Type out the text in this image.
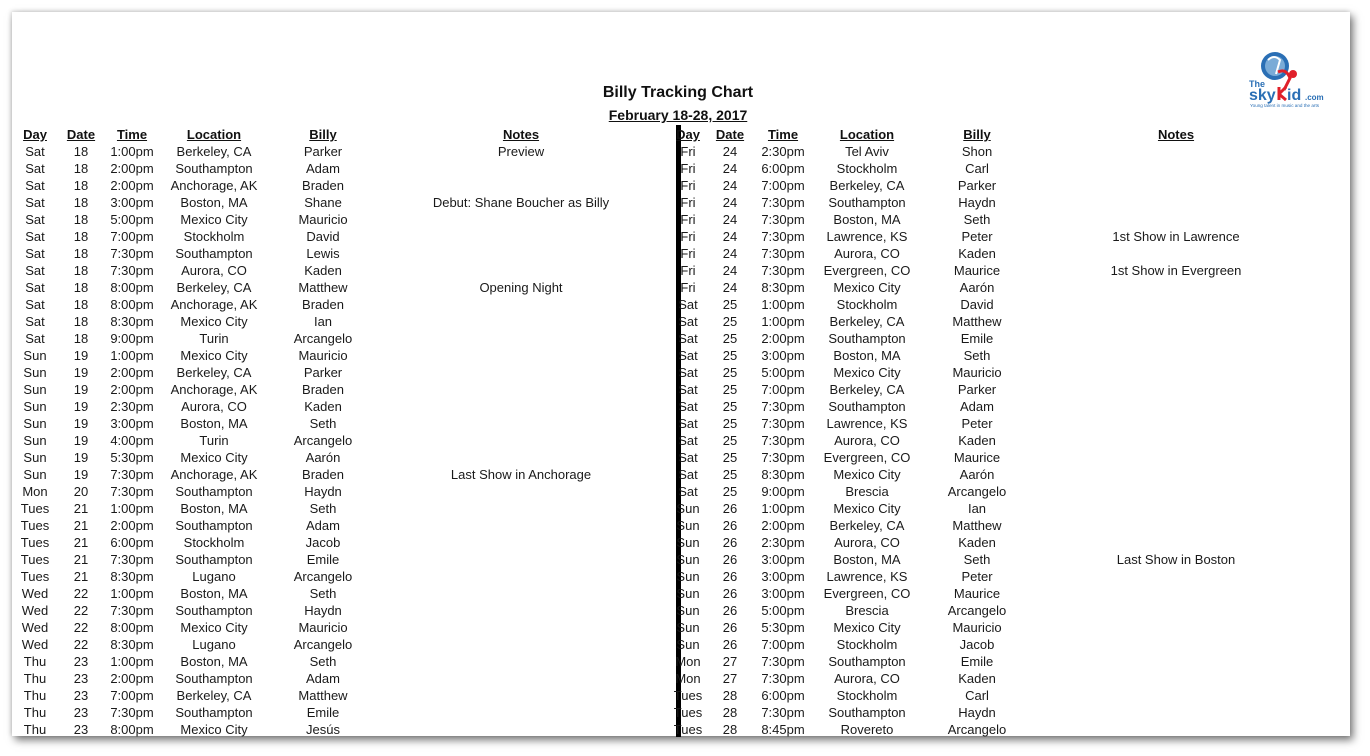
Billy Tracking Chart
February 18-28, 2017
The
sky id .com
Young talent in music and the arts
Day Date Time	Location	Billy	Notes
Sat 18 1:00pm Berkeley, CA	Parker	Preview
Sat 18 2:00pm Southampton	Adam
Sat 18 2:00pm Anchorage, AK	Braden
Sat 18 3:00pm Boston, MA	Shane	Debut: Shane Boucher as Billy
Sat 18 5:00pm Mexico City	Mauricio
Sat 18 7:00pm Stockholm	David
Sat 18 7:30pm Southampton	Lewis
Sat 18 7:30pm Aurora, CO	Kaden
Sat 18 8:00pm Berkeley, CA	Matthew	Opening Night
Sat 18 8:00pm Anchorage, AK	Braden
Sat 18 8:30pm Mexico City	Ian
Sat 18 9:00pm	Turin	Arcangelo
Sun 19 1:00pm Mexico City	Mauricio
Sun 19 2:00pm Berkeley, CA	Parker
Sun 19 2:00pm Anchorage, AK	Braden
Sun 19 2:30pm Aurora, CO	Kaden
Sun 19 3:00pm Boston, MA	Seth
Sun 19 4:00pm	Turin	Arcangelo
Sun 19 5:30pm Mexico City	Aarón
Sun 19 7:30pm Anchorage, AK	Braden	Last Show in Anchorage
Mon 20 7:30pm Southampton	Haydn
Tues 21 1:00pm Boston, MA	Seth
Tues 21 2:00pm Southampton	Adam
Tues 21 6:00pm Stockholm	Jacob
Tues 21 7:30pm Southampton	Emile
Tues 21 8:30pm	Lugano	Arcangelo
Wed 22 1:00pm Boston, MA	Seth
Wed 22 7:30pm Southampton	Haydn
Wed 22 8:00pm Mexico City	Mauricio
Wed 22 8:30pm	Lugano	Arcangelo
Thu 23 1:00pm Boston, MA	Seth
Thu 23 2:00pm Southampton	Adam
Thu 23 7:00pm Berkeley, CA	Matthew
Thu 23 7:30pm Southampton	Emile
Thu 23 8:00pm Mexico City	Jesús
Day Date Time	Location	Billy	Notes
Fri 24 2:30pm	Tel Aviv	Shon
Fri 24 6:00pm Stockholm	Carl
Fri 24 7:00pm Berkeley, CA	Parker
Fri 24 7:30pm Southampton	Haydn
Fri 24 7:30pm Boston, MA	Seth
Fri 24 7:30pm Lawrence, KS	Peter	1st Show in Lawrence
Fri 24 7:30pm Aurora, CO	Kaden
Fri 24 7:30pm Evergreen, CO	Maurice	1st Show in Evergreen
Fri 24 8:30pm Mexico City	Aarón
Sat 25 1:00pm Stockholm	David
Sat 25 1:00pm Berkeley, CA	Matthew
Sat 25 2:00pm Southampton	Emile
Sat 25 3:00pm Boston, MA	Seth
Sat 25 5:00pm Mexico City	Mauricio
Sat 25 7:00pm Berkeley, CA	Parker
Sat 25 7:30pm Southampton	Adam
Sat 25 7:30pm Lawrence, KS	Peter
Sat 25 7:30pm Aurora, CO	Kaden
Sat 25 7:30pm Evergreen, CO	Maurice
Sat 25 8:30pm Mexico City	Aarón
Sat 25 9:00pm	Brescia	Arcangelo
Sun 26 1:00pm Mexico City	Ian
Sun 26 2:00pm Berkeley, CA	Matthew
Sun 26 2:30pm Aurora, CO	Kaden
Sun 26 3:00pm Boston, MA	Seth	Last Show in Boston
Sun 26 3:00pm Lawrence, KS	Peter
Sun 26 3:00pm Evergreen, CO	Maurice
Sun 26 5:00pm	Brescia	Arcangelo
Sun 26 5:30pm Mexico City	Mauricio
Sun 26 7:00pm Stockholm	Jacob
Mon 27 7:30pm Southampton	Emile
Mon 27 7:30pm Aurora, CO	Kaden
Tues 28 6:00pm Stockholm	Carl
Tues 28 7:30pm Southampton	Haydn
Tues 28 8:45pm	Rovereto	Arcangelo
